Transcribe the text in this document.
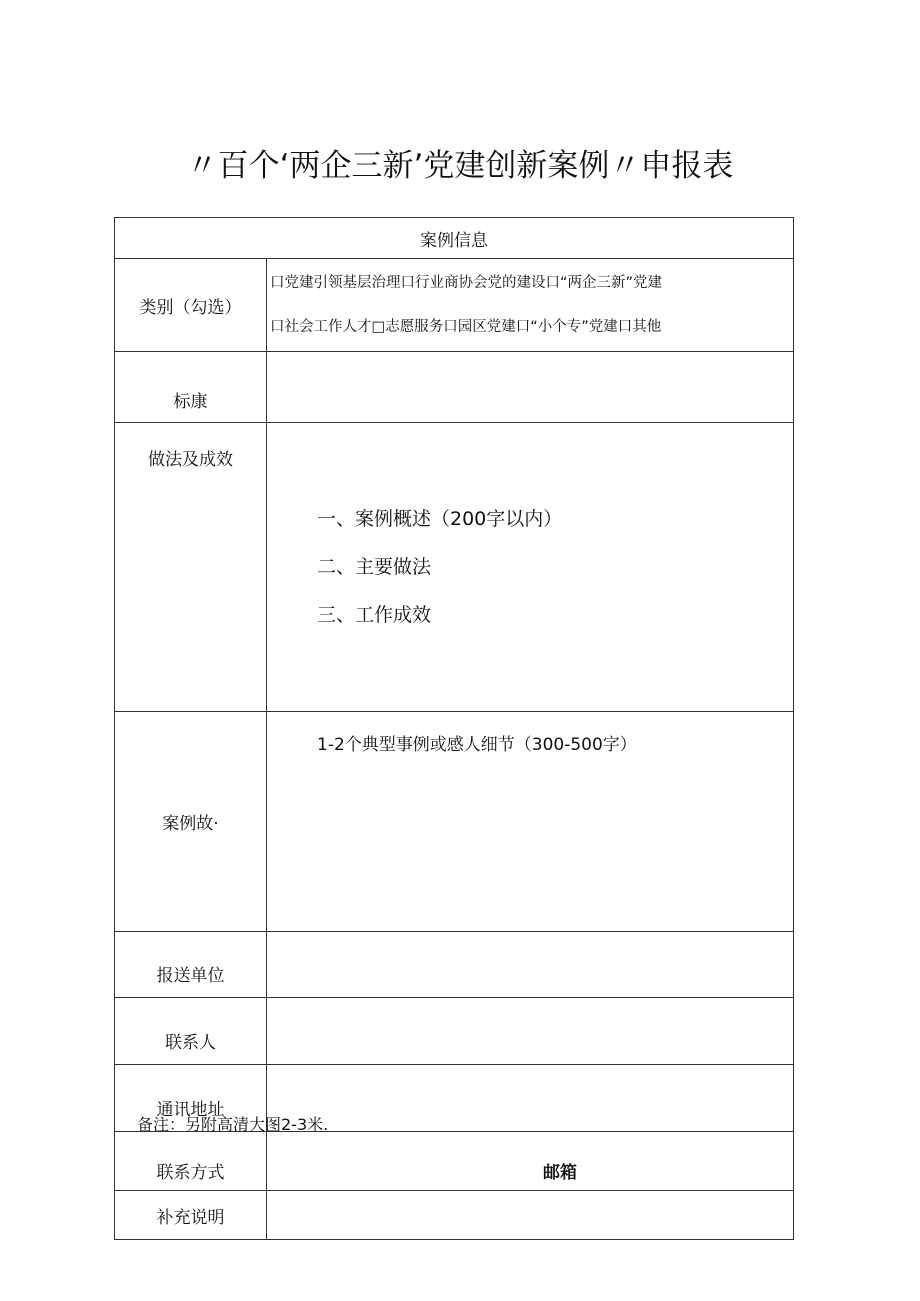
〃百个‘两企三新’党建创新案例〃申报表
案例信息	
类别（勾选）	口党建引领基层治理口行业商协会党的建设口“两企三新”党建
口社会工作人才□志愿服务口园区党建口“小个专”党建口其他

标康	
做法及成效	一、案例概述（200字以内）
二、主要做法
三、工作成效

案例故·	1-2个典型事例或感人细节（300-500字）
报送单位	
联系人	
通讯地址	
联系方式	邮箱
补充说明	
备注：另附高清大图2-3米.
